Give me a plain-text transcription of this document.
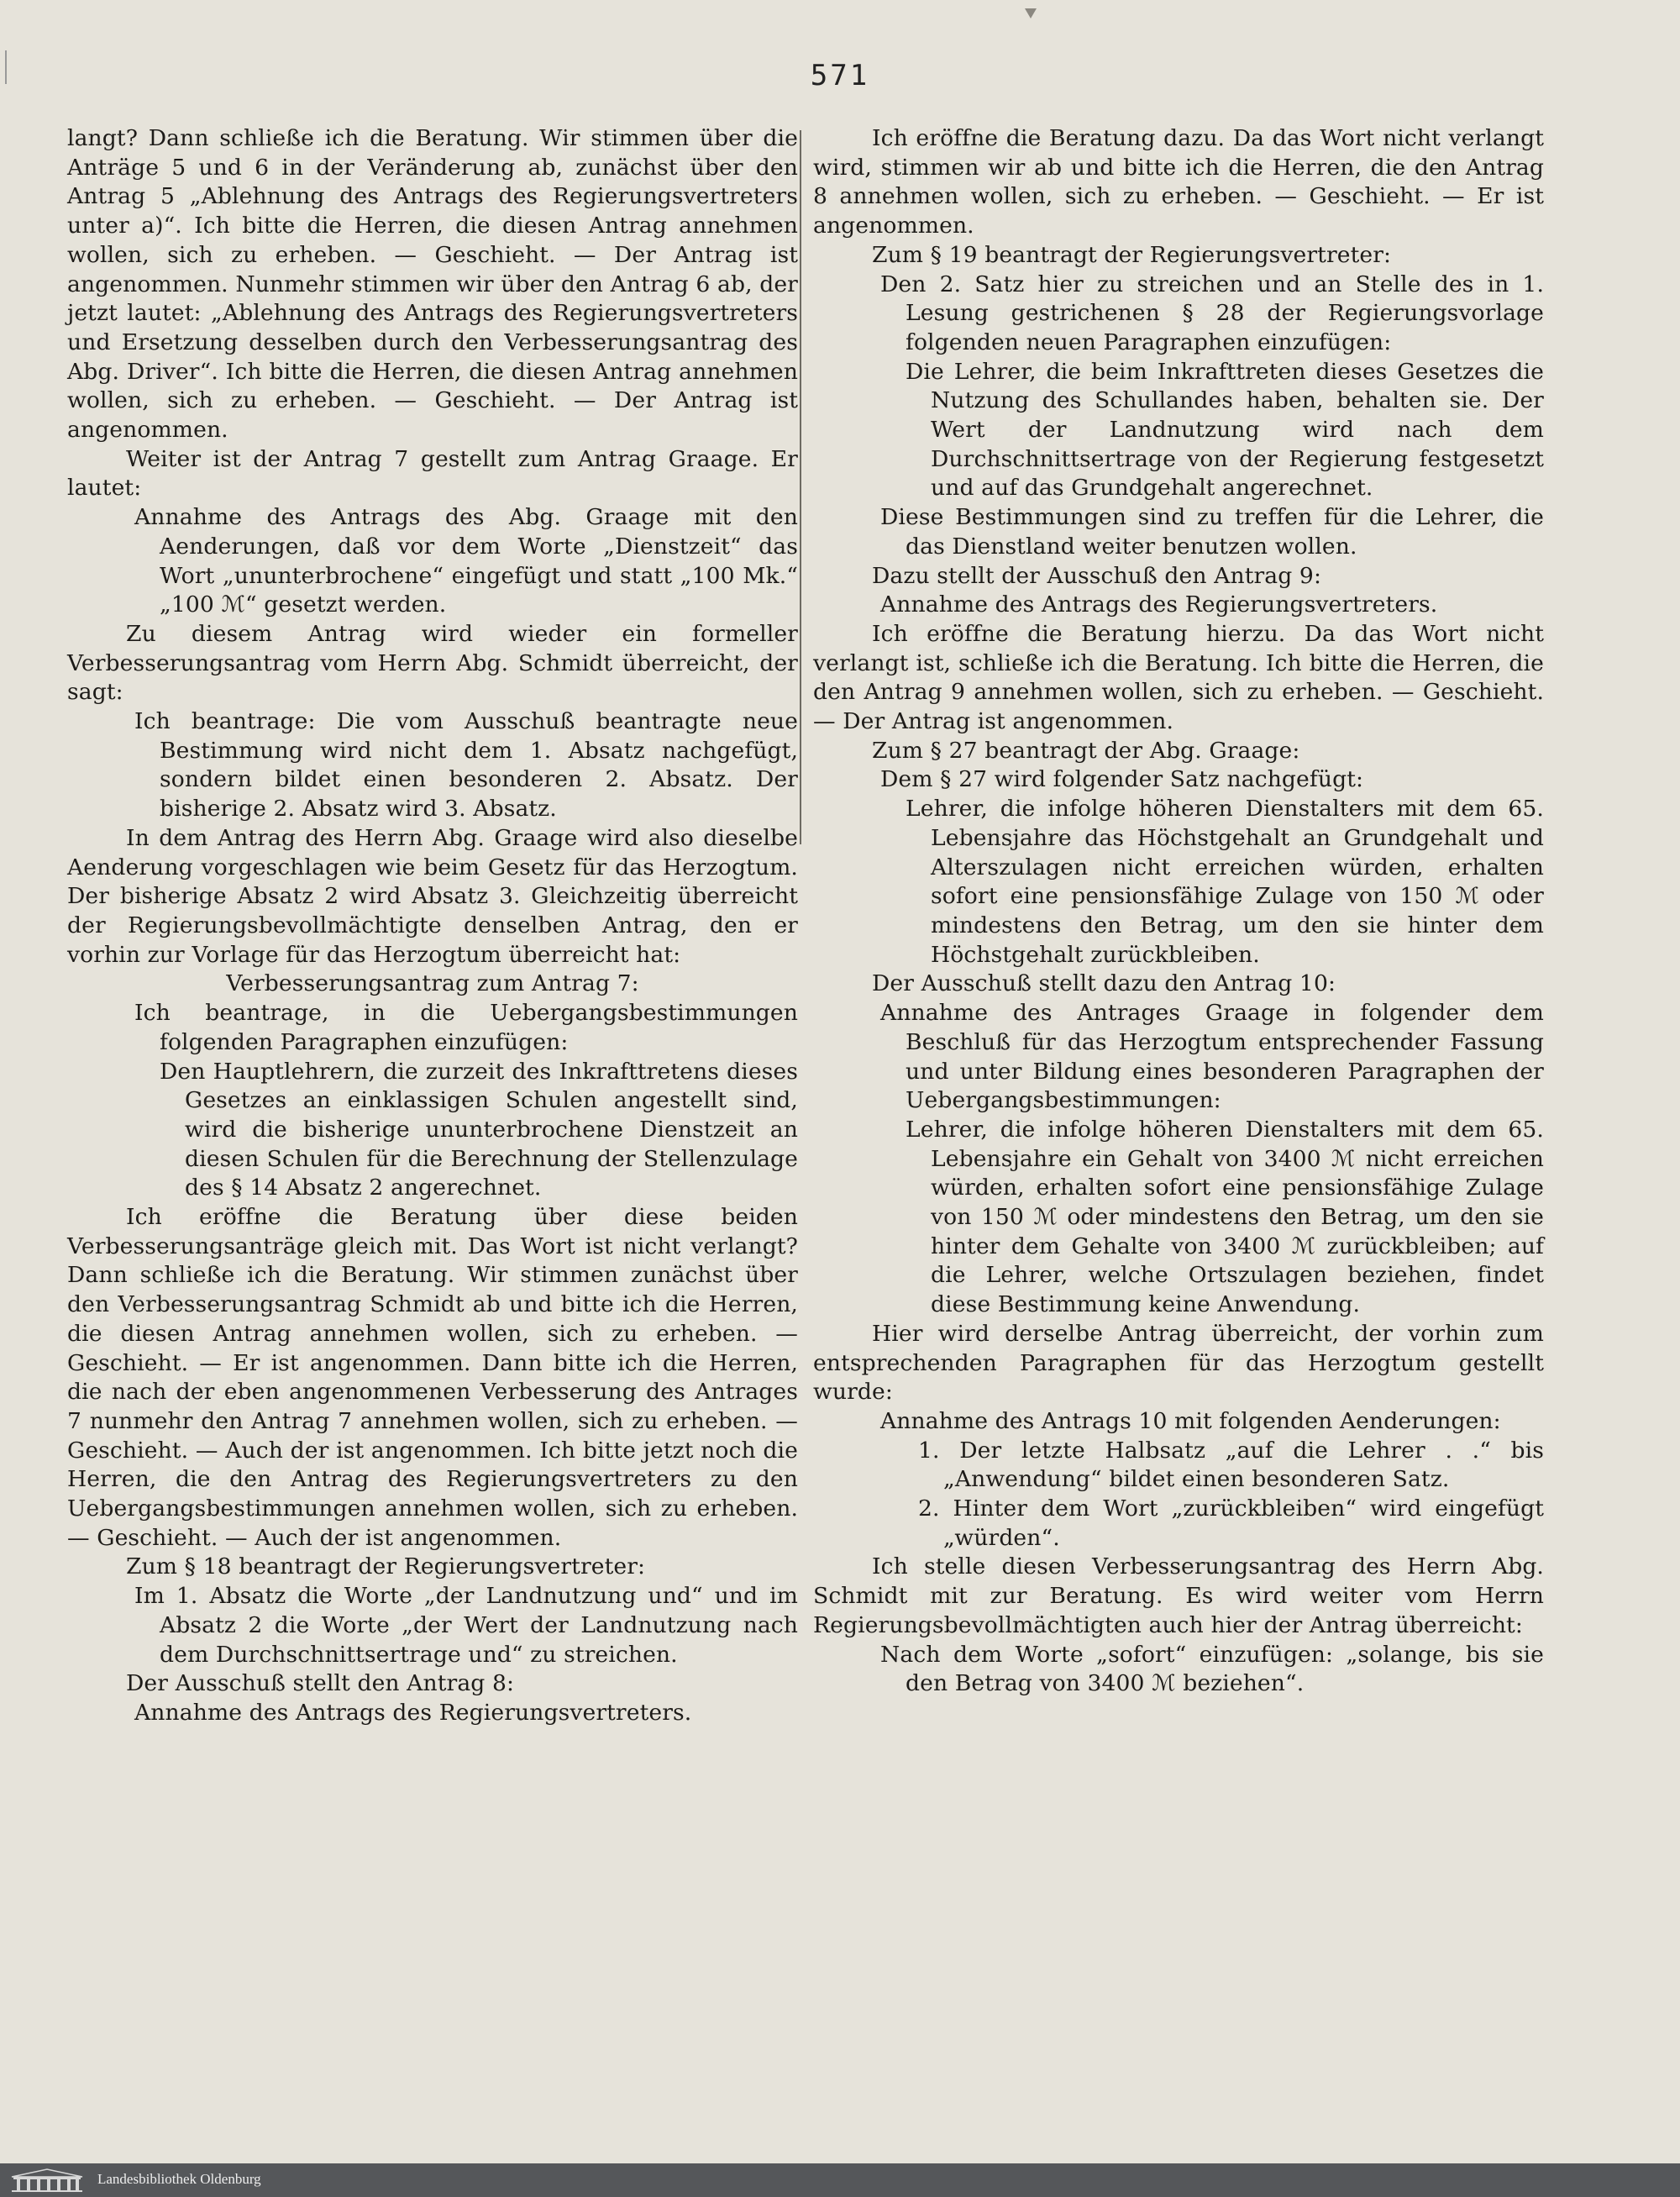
571

langt? Dann schließe ich die Beratung. Wir stimmen über die Anträge 5 und 6 in der Veränderung ab, zunächst über den Antrag 5 „Ablehnung des Antrags des Regierungsvertreters unter a)“. Ich bitte die Herren, die diesen Antrag annehmen wollen, sich zu erheben. — Geschieht. — Der Antrag ist angenommen. Nunmehr stimmen wir über den Antrag 6 ab, der jetzt lautet: „Ablehnung des Antrags des Regierungsvertreters und Ersetzung desselben durch den Verbesserungsantrag des Abg. Driver“. Ich bitte die Herren, die diesen Antrag annehmen wollen, sich zu erheben. — Geschieht. — Der Antrag ist angenommen.

Weiter ist der Antrag 7 gestellt zum Antrag Graage. Er lautet:

Annahme des Antrags des Abg. Graage mit den Aenderungen, daß vor dem Worte „Dienstzeit“ das Wort „ununterbrochene“ eingefügt und statt „100 Mk.“ „100 ℳ“ gesetzt werden.

Zu diesem Antrag wird wieder ein formeller Verbesserungsantrag vom Herrn Abg. Schmidt überreicht, der sagt:

Ich beantrage: Die vom Ausschuß beantragte neue Bestimmung wird nicht dem 1. Absatz nachgefügt, sondern bildet einen besonderen 2. Absatz. Der bisherige 2. Absatz wird 3. Absatz.

In dem Antrag des Herrn Abg. Graage wird also dieselbe Aenderung vorgeschlagen wie beim Gesetz für das Herzogtum. Der bisherige Absatz 2 wird Absatz 3. Gleichzeitig überreicht der Regierungsbevollmächtigte denselben Antrag, den er vorhin zur Vorlage für das Herzogtum überreicht hat:

Verbesserungsantrag zum Antrag 7:

Ich beantrage, in die Uebergangsbestimmungen folgenden Paragraphen einzufügen:

Den Hauptlehrern, die zurzeit des Inkrafttretens dieses Gesetzes an einklassigen Schulen angestellt sind, wird die bisherige ununterbrochene Dienstzeit an diesen Schulen für die Berechnung der Stellenzulage des § 14 Absatz 2 angerechnet.

Ich eröffne die Beratung über diese beiden Verbesserungsanträge gleich mit. Das Wort ist nicht verlangt? Dann schließe ich die Beratung. Wir stimmen zunächst über den Verbesserungsantrag Schmidt ab und bitte ich die Herren, die diesen Antrag annehmen wollen, sich zu erheben. — Geschieht. — Er ist angenommen. Dann bitte ich die Herren, die nach der eben angenommenen Verbesserung des Antrages 7 nunmehr den Antrag 7 annehmen wollen, sich zu erheben. — Geschieht. — Auch der ist angenommen. Ich bitte jetzt noch die Herren, die den Antrag des Regierungsvertreters zu den Uebergangsbestimmungen annehmen wollen, sich zu erheben. — Geschieht. — Auch der ist angenommen.

Zum § 18 beantragt der Regierungsvertreter:

Im 1. Absatz die Worte „der Landnutzung und“ und im Absatz 2 die Worte „der Wert der Landnutzung nach dem Durchschnittsertrage und“ zu streichen.

Der Ausschuß stellt den Antrag 8:

Annahme des Antrags des Regierungsvertreters.

Ich eröffne die Beratung dazu. Da das Wort nicht verlangt wird, stimmen wir ab und bitte ich die Herren, die den Antrag 8 annehmen wollen, sich zu erheben. — Geschieht. — Er ist angenommen.

Zum § 19 beantragt der Regierungsvertreter:

Den 2. Satz hier zu streichen und an Stelle des in 1. Lesung gestrichenen § 28 der Regierungsvorlage folgenden neuen Paragraphen einzufügen:

Die Lehrer, die beim Inkrafttreten dieses Gesetzes die Nutzung des Schullandes haben, behalten sie. Der Wert der Landnutzung wird nach dem Durchschnittsertrage von der Regierung festgesetzt und auf das Grundgehalt angerechnet.

Diese Bestimmungen sind zu treffen für die Lehrer, die das Dienstland weiter benutzen wollen.

Dazu stellt der Ausschuß den Antrag 9:

Annahme des Antrags des Regierungsvertreters.

Ich eröffne die Beratung hierzu. Da das Wort nicht verlangt ist, schließe ich die Beratung. Ich bitte die Herren, die den Antrag 9 annehmen wollen, sich zu erheben. — Geschieht. — Der Antrag ist angenommen.

Zum § 27 beantragt der Abg. Graage:

Dem § 27 wird folgender Satz nachgefügt:

Lehrer, die infolge höheren Dienstalters mit dem 65. Lebensjahre das Höchstgehalt an Grundgehalt und Alterszulagen nicht erreichen würden, erhalten sofort eine pensionsfähige Zulage von 150 ℳ oder mindestens den Betrag, um den sie hinter dem Höchstgehalt zurückbleiben.

Der Ausschuß stellt dazu den Antrag 10:

Annahme des Antrages Graage in folgender dem Beschluß für das Herzogtum entsprechender Fassung und unter Bildung eines besonderen Paragraphen der Uebergangsbestimmungen:

Lehrer, die infolge höheren Dienstalters mit dem 65. Lebensjahre ein Gehalt von 3400 ℳ nicht erreichen würden, erhalten sofort eine pensionsfähige Zulage von 150 ℳ oder mindestens den Betrag, um den sie hinter dem Gehalte von 3400 ℳ zurückbleiben; auf die Lehrer, welche Ortszulagen beziehen, findet diese Bestimmung keine Anwendung.

Hier wird derselbe Antrag überreicht, der vorhin zum entsprechenden Paragraphen für das Herzogtum gestellt wurde:

Annahme des Antrags 10 mit folgenden Aenderungen:

1. Der letzte Halbsatz „auf die Lehrer . .“ bis „Anwendung“ bildet einen besonderen Satz.

2. Hinter dem Wort „zurückbleiben“ wird eingefügt „würden“.

Ich stelle diesen Verbesserungsantrag des Herrn Abg. Schmidt mit zur Beratung. Es wird weiter vom Herrn Regierungsbevollmächtigten auch hier der Antrag überreicht:

Nach dem Worte „sofort“ einzufügen: „solange, bis sie den Betrag von 3400 ℳ beziehen“.

Landesbibliothek Oldenburg
